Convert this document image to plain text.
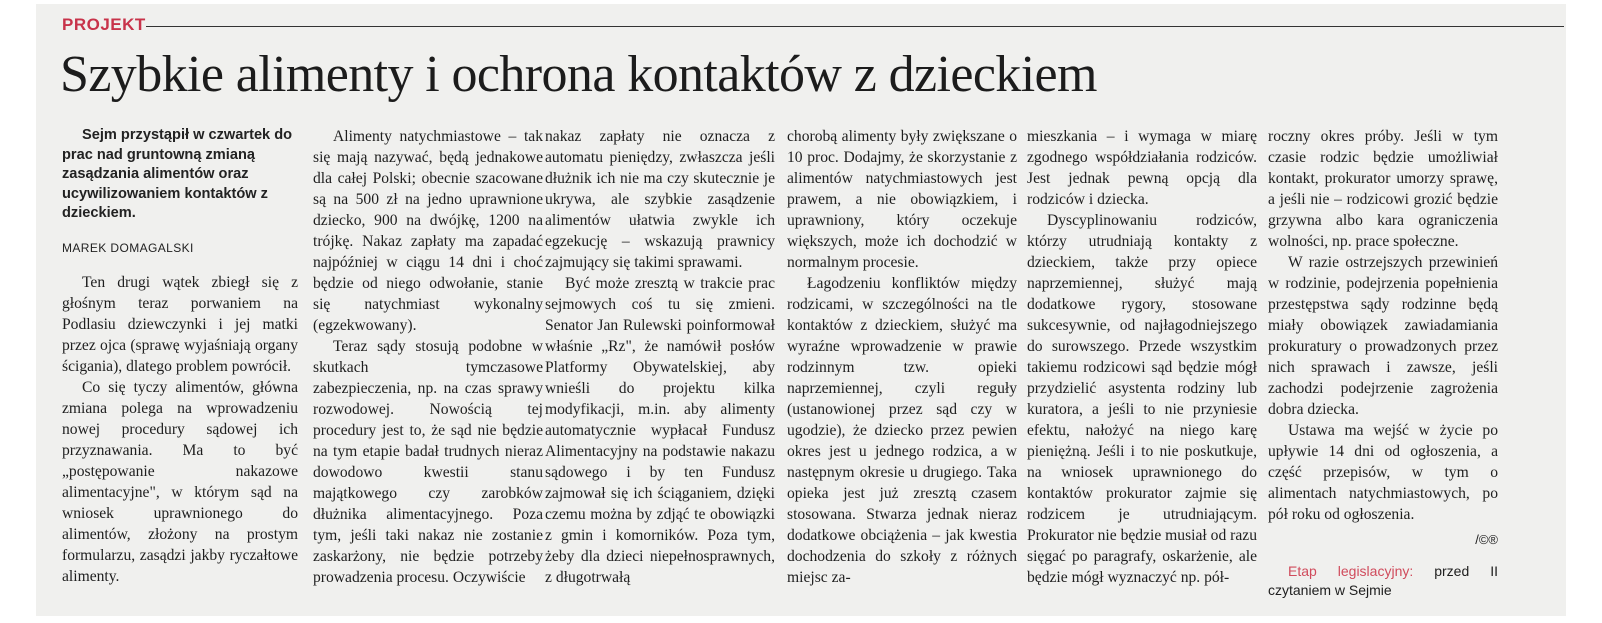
PROJEKT
Szybkie alimenty i ochrona kontaktów z dzieckiem

Sejm przystąpił w czwartek do prac nad gruntowną zmianą zasądzania alimentów oraz ucywilizowaniem kontaktów z dzieckiem.

MAREK DOMAGALSKI

Ten drugi wątek zbiegł się z głośnym teraz porwaniem na Podlasiu dziewczynki i jej matki przez ojca (sprawę wyjaśniają organy ścigania), dlatego problem powrócił.

Co się tyczy alimentów, główna zmiana polega na wprowadzeniu nowej procedury sądowej ich przyznawania. Ma to być „postępowanie nakazowe alimentacyjne", w którym sąd na wniosek uprawnionego do alimentów, złożony na prostym formularzu, zasądzi jakby ryczałtowe alimenty.

Alimenty natychmiastowe – tak się mają nazywać, będą jednakowe dla całej Polski; obecnie szacowane są na 500 zł na jedno uprawnione dziecko, 900 na dwójkę, 1200 na trójkę. Nakaz zapłaty ma zapadać najpóźniej w ciągu 14 dni i choć będzie od niego odwołanie, stanie się natychmiast wykonalny (egzekwowany).

Teraz sądy stosują podobne w skutkach tymczasowe zabezpieczenia, np. na czas sprawy rozwodowej. Nowością tej procedury jest to, że sąd nie będzie na tym etapie badał trudnych nieraz dowodowo kwestii stanu majątkowego czy zarobków dłużnika alimentacyjnego. Poza tym, jeśli taki nakaz nie zostanie zaskarżony, nie będzie potrzeby prowadzenia procesu. Oczywiście

nakaz zapłaty nie oznacza z automatu pieniędzy, zwłaszcza jeśli dłużnik ich nie ma czy skutecznie je ukrywa, ale szybkie zasądzenie alimentów ułatwia zwykle ich egzekucję – wskazują prawnicy zajmujący się takimi sprawami.

Być może zresztą w trakcie prac sejmowych coś tu się zmieni. Senator Jan Rulewski poinformował właśnie „Rz", że namówił posłów Platformy Obywatelskiej, aby wnieśli do projektu kilka modyfikacji, m.in. aby alimenty automatycznie wypłacał Fundusz Alimentacyjny na podstawie nakazu sądowego i by ten Fundusz zajmował się ich ściąganiem, dzięki czemu można by zdjąć te obowiązki z gmin i komorników. Poza tym, żeby dla dzieci niepełnosprawnych, z długotrwałą

chorobą alimenty były zwiększane o 10 proc. Dodajmy, że skorzystanie z alimentów natychmiastowych jest prawem, a nie obowiązkiem, i uprawniony, który oczekuje większych, może ich dochodzić w normalnym procesie.

Łagodzeniu konfliktów między rodzicami, w szczególności na tle kontaktów z dzieckiem, służyć ma wyraźne wprowadzenie w prawie rodzinnym tzw. opieki naprzemiennej, czyli reguły (ustanowionej przez sąd czy w ugodzie), że dziecko przez pewien okres jest u jednego rodzica, a w następnym okresie u drugiego. Taka opieka jest już zresztą czasem stosowana. Stwarza jednak nieraz dodatkowe obciążenia – jak kwestia dochodzenia do szkoły z różnych miejsc za-

mieszkania – i wymaga w miarę zgodnego współdziałania rodziców. Jest jednak pewną opcją dla rodziców i dziecka.

Dyscyplinowaniu rodziców, którzy utrudniają kontakty z dzieckiem, także przy opiece naprzemiennej, służyć mają dodatkowe rygory, stosowane sukcesywnie, od najłagodniejszego do surowszego. Przede wszystkim takiemu rodzicowi sąd będzie mógł przydzielić asystenta rodziny lub kuratora, a jeśli to nie przyniesie efektu, nałożyć na niego karę pieniężną. Jeśli i to nie poskutkuje, na wniosek uprawnionego do kontaktów prokurator zajmie się rodzicem je utrudniającym. Prokurator nie będzie musiał od razu sięgać po paragrafy, oskarżenie, ale będzie mógł wyznaczyć np. pół-

roczny okres próby. Jeśli w tym czasie rodzic będzie umożliwiał kontakt, prokurator umorzy sprawę, a jeśli nie – rodzicowi grozić będzie grzywna albo kara ograniczenia wolności, np. prace społeczne.

W razie ostrzejszych przewinień w rodzinie, podejrzenia popełnienia przestępstwa sądy rodzinne będą miały obowiązek zawiadamiania prokuratury o prowadzonych przez nich sprawach i zawsze, jeśli zachodzi podejrzenie zagrożenia dobra dziecka.

Ustawa ma wejść w życie po upływie 14 dni od ogłoszenia, a część przepisów, w tym o alimentach natychmiastowych, po pół roku od ogłoszenia.

/©®

Etap legislacyjny: przed II czytaniem w Sejmie
